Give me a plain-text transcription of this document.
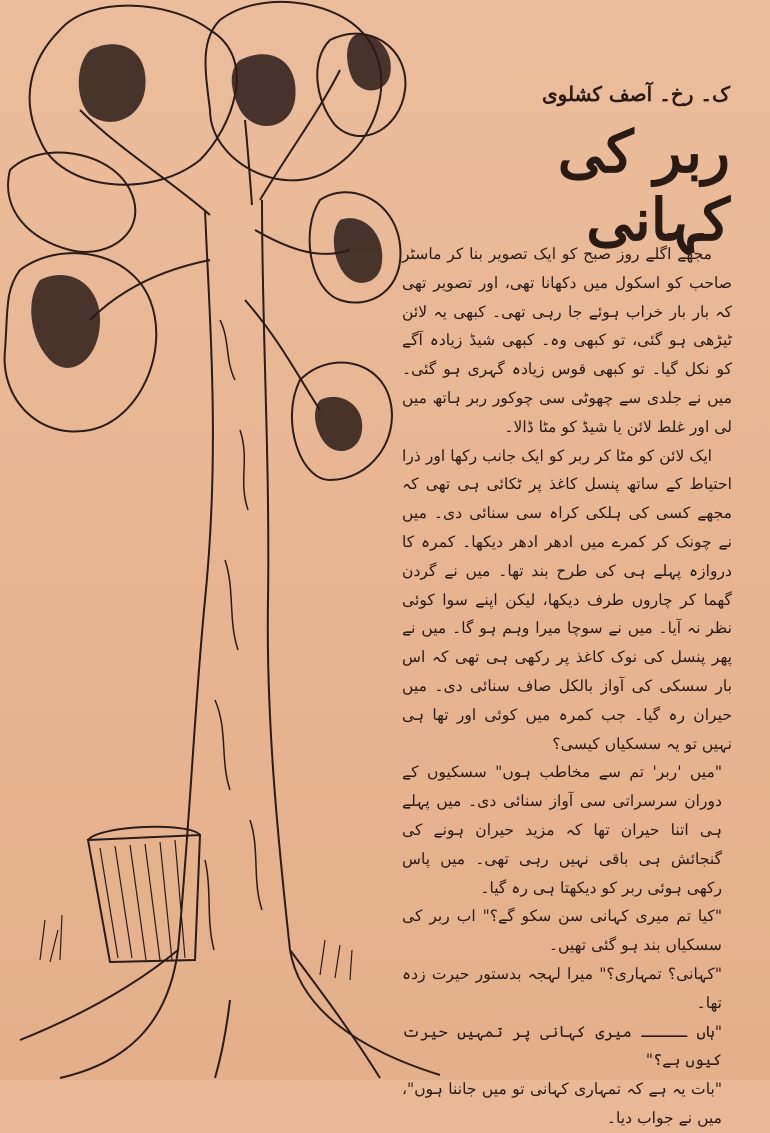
ک۔ رخ۔ آصف کشلوی
ربر کی کہانی

مجھے اگلے روز صبح کو ایک تصویر بنا کر ماسٹر صاحب کو اسکول میں دکھانا تھی، اور تصویر تھی کہ بار بار خراب ہوئے جا رہی تھی۔ کبھی یہ لائن ٹیڑھی ہو گئی، تو کبھی وہ۔ کبھی شیڈ زیادہ آگے کو نکل گیا۔ تو کبھی قوس زیادہ گہری ہو گئی۔ میں نے جلدی سے چھوٹی سی چوکور ربر ہاتھ میں لی اور غلط لائن یا شیڈ کو مٹا ڈالا۔

ایک لائن کو مٹا کر ربر کو ایک جانب رکھا اور ذرا احتیاط کے ساتھ پنسل کاغذ پر ٹکائی ہی تھی کہ مجھے کسی کی ہلکی کراہ سی سنائی دی۔ میں نے چونک کر کمرے میں ادھر ادھر دیکھا۔ کمرہ کا دروازہ پہلے ہی کی طرح بند تھا۔ میں نے گردن گھما کر چاروں طرف دیکھا، لیکن اپنے سوا کوئی نظر نہ آیا۔ میں نے سوچا میرا وہم ہو گا۔ میں نے پھر پنسل کی نوک کاغذ پر رکھی ہی تھی کہ اس بار سسکی کی آواز بالکل صاف سنائی دی۔ میں حیران رہ گیا۔ جب کمرہ میں کوئی اور تھا ہی نہیں تو یہ سسکیاں کیسی؟

"میں 'ربر' تم سے مخاطب ہوں" سسکیوں کے دوران سرسراتی سی آواز سنائی دی۔ میں پہلے ہی اتنا حیران تھا کہ مزید حیران ہونے کی گنجائش ہی باقی نہیں رہی تھی۔ میں پاس رکھی ہوئی ربر کو دیکھتا ہی رہ گیا۔

"کیا تم میری کہانی سن سکو گے؟" اب ربر کی سسکیاں بند ہو گئی تھیں۔

"کہانی؟ تمہاری؟" میرا لہجہ بدستور حیرت زدہ تھا۔

"ہاں ـــــ میری کہانی پر تمہیں حیرت کیوں ہے؟"

"بات یہ ہے کہ تمہاری کہانی تو میں جاننا ہوں"، میں نے جواب دیا۔
